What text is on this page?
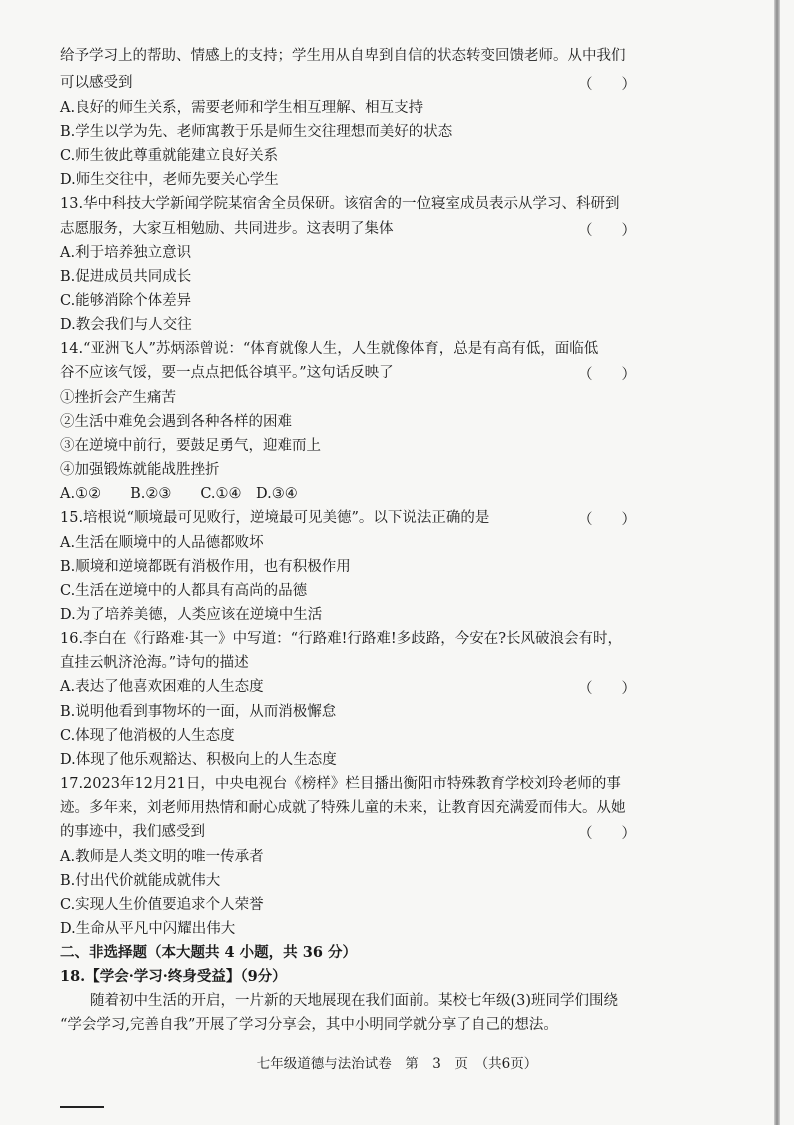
给予学习上的帮助、情感上的支持；学生用从自卑到自信的状态转变回馈老师。从中我们
可以感受到	（　　）
A.良好的师生关系，需要老师和学生相互理解、相互支持
B.学生以学为先、老师寓教于乐是师生交往理想而美好的状态
C.师生彼此尊重就能建立良好关系
D.师生交往中，老师先要关心学生
13.华中科技大学新闻学院某宿舍全员保研。该宿舍的一位寝室成员表示从学习、科研到
志愿服务，大家互相勉励、共同进步。这表明了集体	（　　）
A.利于培养独立意识
B.促进成员共同成长
C.能够消除个体差异
D.教会我们与人交往
14.“亚洲飞人”苏炳添曾说：“体育就像人生，人生就像体育，总是有高有低，面临低
谷不应该气馁，要一点点把低谷填平。”这句话反映了	（　　）
①挫折会产生痛苦
②生活中难免会遇到各种各样的困难
③在逆境中前行，要鼓足勇气，迎难而上
④加强锻炼就能战胜挫折
A.①②　　B.②③　　C.①④　D.③④
15.培根说“顺境最可见败行，逆境最可见美德”。以下说法正确的是	（　　）
A.生活在顺境中的人品德都败坏
B.顺境和逆境都既有消极作用，也有积极作用
C.生活在逆境中的人都具有高尚的品德
D.为了培养美德，人类应该在逆境中生活
16.李白在《行路难·其一》中写道：“行路难!行路难!多歧路，今安在?长风破浪会有时，
直挂云帆济沧海。”诗句的描述
A.表达了他喜欢困难的人生态度	（　　）
B.说明他看到事物坏的一面，从而消极懈怠
C.体现了他消极的人生态度
D.体现了他乐观豁达、积极向上的人生态度
17.2023年12月21日，中央电视台《榜样》栏目播出衡阳市特殊教育学校刘玲老师的事
迹。多年来，刘老师用热情和耐心成就了特殊儿童的未来，让教育因充满爱而伟大。从她
的事迹中，我们感受到	（　　）
A.教师是人类文明的唯一传承者
B.付出代价就能成就伟大
C.实现人生价值要追求个人荣誉
D.生命从平凡中闪耀出伟大
二、非选择题（本大题共 4 小题，共 36 分）
18.【学会·学习·终身受益】（9分）
随着初中生活的开启，一片新的天地展现在我们面前。某校七年级(3)班同学们围绕
“学会学习,完善自我”开展了学习分享会，其中小明同学就分享了自己的想法。
七年级道德与法治试卷　第　3　页　（共6页）
